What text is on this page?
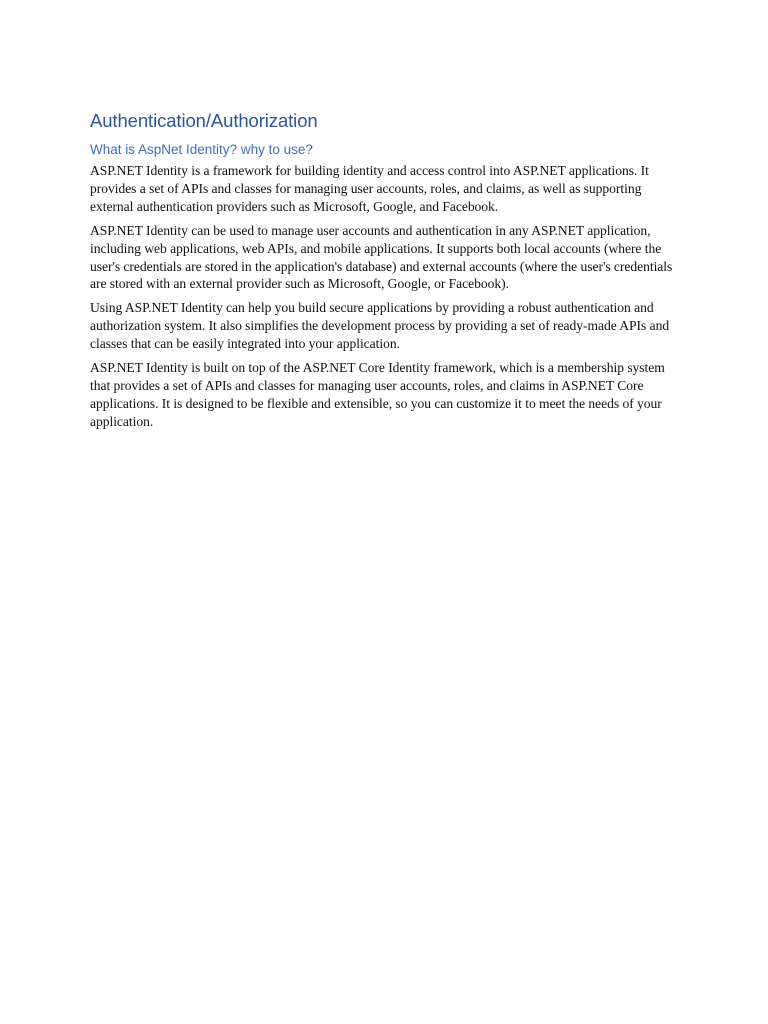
Authentication/Authorization
What is AspNet Identity? why to use?

ASP.NET Identity is a framework for building identity and access control into ASP.NET applications. It provides a set of APIs and classes for managing user accounts, roles, and claims, as well as supporting external authentication providers such as Microsoft, Google, and Facebook.

ASP.NET Identity can be used to manage user accounts and authentication in any ASP.NET application, including web applications, web APIs, and mobile applications. It supports both local accounts (where the user's credentials are stored in the application's database) and external accounts (where the user's credentials are stored with an external provider such as Microsoft, Google, or Facebook).

Using ASP.NET Identity can help you build secure applications by providing a robust authentication and authorization system. It also simplifies the development process by providing a set of ready-made APIs and classes that can be easily integrated into your application.

ASP.NET Identity is built on top of the ASP.NET Core Identity framework, which is a membership system that provides a set of APIs and classes for managing user accounts, roles, and claims in ASP.NET Core applications. It is designed to be flexible and extensible, so you can customize it to meet the needs of your application.
